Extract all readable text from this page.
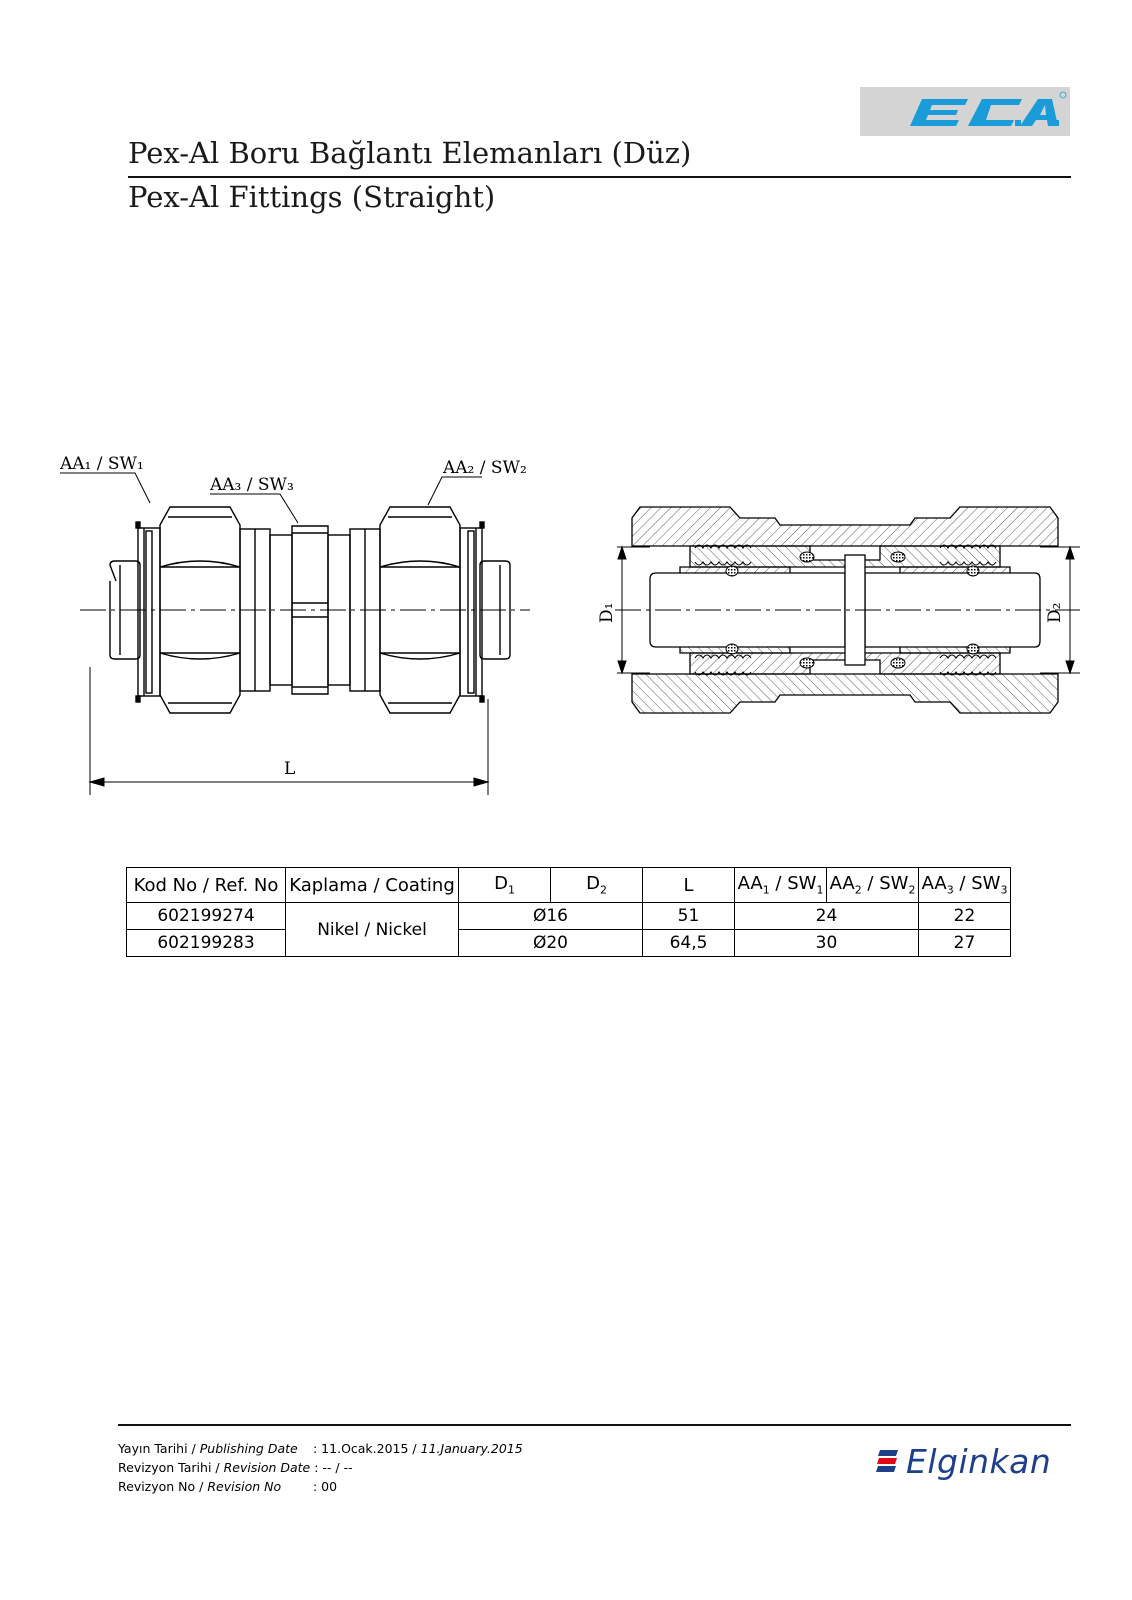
Pex-Al Boru Bağlantı Elemanları (Düz)
Pex-Al Fittings (Straight)
AA₁ / SW₁
AA₃ / SW₃
AA₂ / SW₂
L
D₁	D₂
Kod No / Ref. No	Kaplama / Coating	$D_1$	$D_2$	L	$AA_1 / SW_1$	$AA_2 / SW_2$	$AA_3 / SW_3$
602199274	Nikel / Nickel	Ø16		51	24		22
602199283		Ø20		64,5	30		27
Yayın Tarihi / Publishing Date : 11.Ocak.2015 / 11.January.2015
Revizyon Tarihi / Revision Date : -- / --
Revizyon No / Revision No	: 00
Elginkan
